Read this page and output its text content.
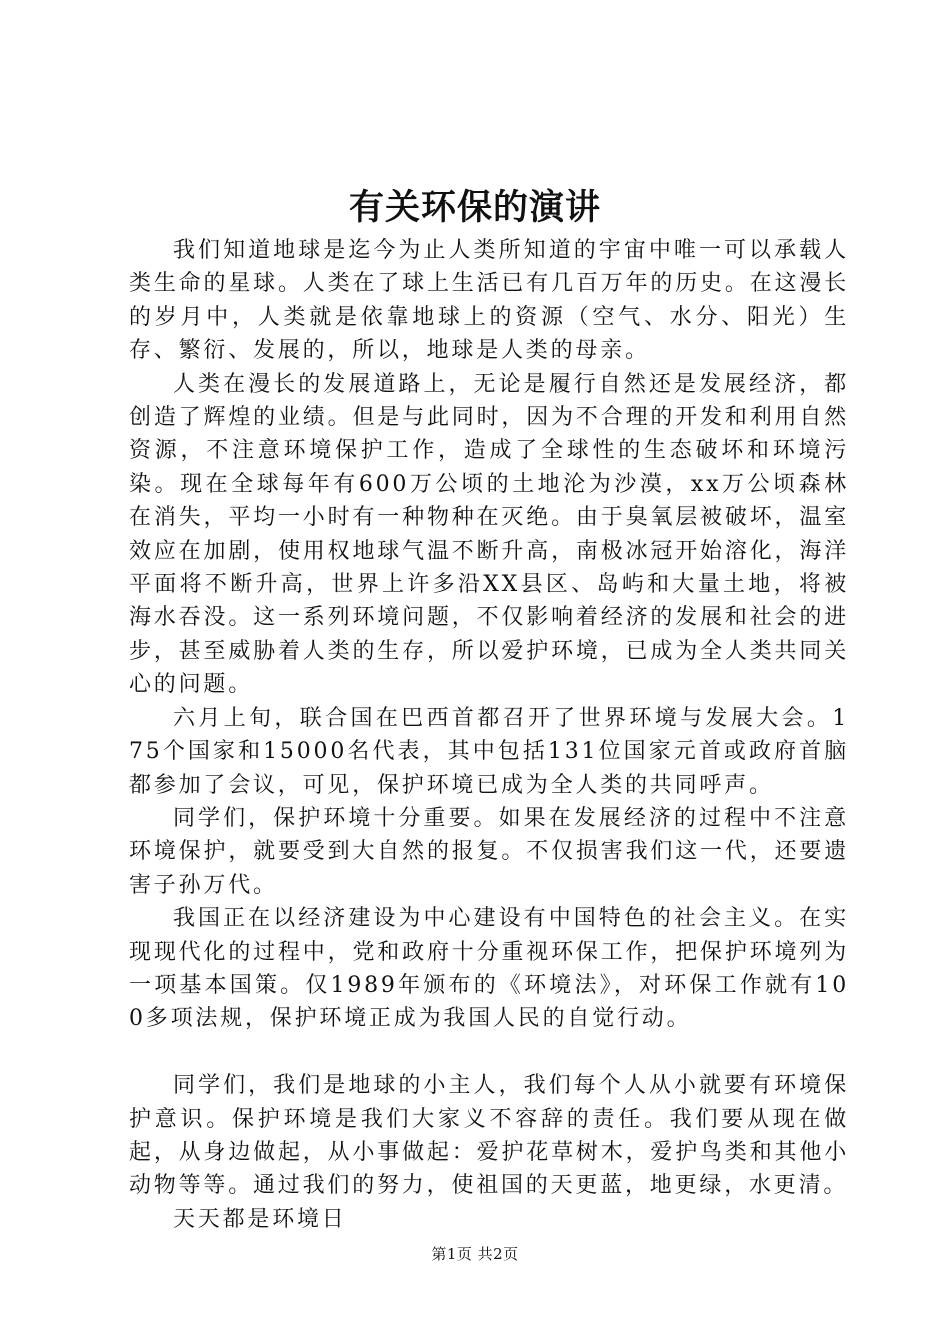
有关环保的演讲

我们知道地球是迄今为止人类所知道的宇宙中唯一可以承载人类生命的星球。人类在了球上生活已有几百万年的历史。在这漫长的岁月中，人类就是依靠地球上的资源（空气、水分、阳光）生存、繁衍、发展的，所以，地球是人类的母亲。

人类在漫长的发展道路上，无论是履行自然还是发展经济，都创造了辉煌的业绩。但是与此同时，因为不合理的开发和利用自然资源，不注意环境保护工作，造成了全球性的生态破坏和环境污染。现在全球每年有600万公顷的土地沦为沙漠，xx万公顷森林在消失，平均一小时有一种物种在灭绝。由于臭氧层被破坏，温室效应在加剧，使用权地球气温不断升高，南极冰冠开始溶化，海洋平面将不断升高，世界上许多沿XX县区、岛屿和大量土地，将被海水吞没。这一系列环境问题，不仅影响着经济的发展和社会的进步，甚至威胁着人类的生存，所以爱护环境，已成为全人类共同关心的问题。

六月上旬，联合国在巴西首都召开了世界环境与发展大会。175个国家和15000名代表，其中包括131位国家元首或政府首脑都参加了会议，可见，保护环境已成为全人类的共同呼声。

同学们，保护环境十分重要。如果在发展经济的过程中不注意环境保护，就要受到大自然的报复。不仅损害我们这一代，还要遗害子孙万代。

我国正在以经济建设为中心建设有中国特色的社会主义。在实现现代化的过程中，党和政府十分重视环保工作，把保护环境列为一项基本国策。仅1989年颁布的《环境法》，对环保工作就有100多项法规，保护环境正成为我国人民的自觉行动。

同学们，我们是地球的小主人，我们每个人从小就要有环境保护意识。保护环境是我们大家义不容辞的责任。我们要从现在做起，从身边做起，从小事做起：爱护花草树木，爱护鸟类和其他小动物等等。通过我们的努力，使祖国的天更蓝，地更绿，水更清。

天天都是环境日

第1页 共2页
